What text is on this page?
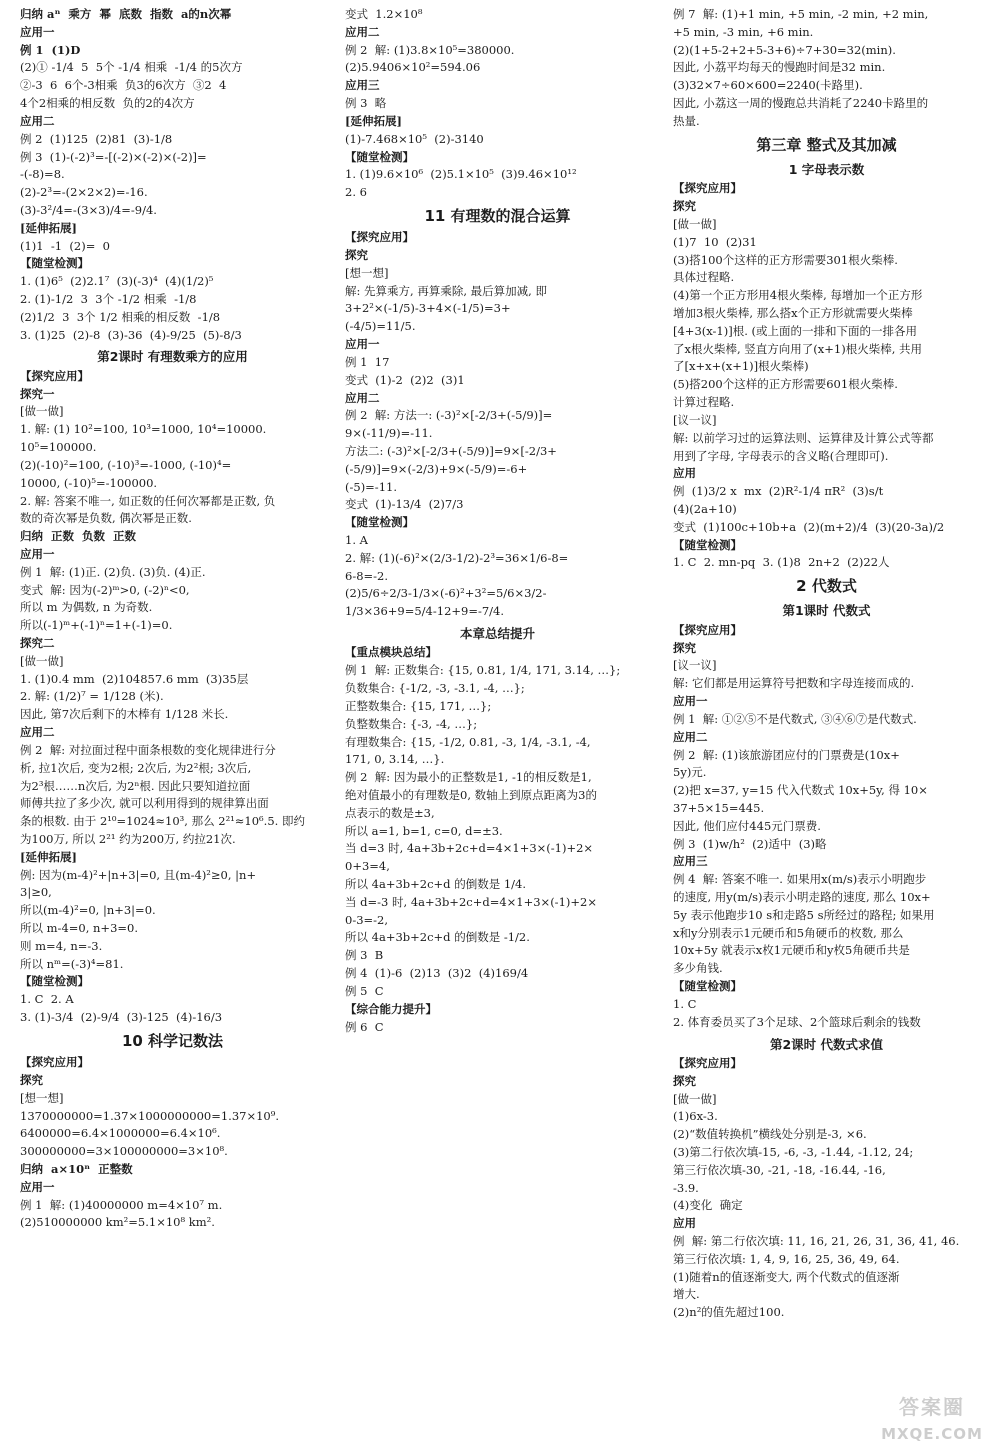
归纳 aⁿ  乘方  幂  底数  指数  a的n次幂
应用一
例 1  (1)D
(2)① -1/4  5  5个 -1/4 相乘  -1/4 的5次方
②-3  6  6个-3相乘  负3的6次方  ③2  4
4个2相乘的相反数  负的2的4次方
应用二
例 2  (1)125  (2)81  (3)-1/8
例 3  (1)-(-2)³=-[(-2)×(-2)×(-2)]=
-(-8)=8.
(2)-2³=-(2×2×2)=-16.
(3)-3²/4=-(3×3)/4=-9/4.
[延伸拓展]
(1)1  -1  (2)=  0
【随堂检测】
1. (1)6⁵  (2)2.1⁷  (3)(-3)⁴  (4)(1/2)⁵
2. (1)-1/2  3  3个 -1/2 相乘  -1/8
(2)1/2  3  3个 1/2 相乘的相反数  -1/8
3. (1)25  (2)-8  (3)-36  (4)-9/25  (5)-8/3
第2课时 有理数乘方的应用
【探究应用】
探究一
[做一做]
1. 解: (1) 10²=100, 10³=1000, 10⁴=10000.
10⁵=100000.
(2)(-10)²=100, (-10)³=-1000, (-10)⁴=
10000, (-10)⁵=-100000.
2. 解: 答案不唯一, 如正数的任何次幂都是正数, 负
数的奇次幂是负数, 偶次幂是正数.
归纳  正数  负数  正数
应用一
例 1  解: (1)正. (2)负. (3)负. (4)正.
变式  解: 因为(-2)ᵐ>0, (-2)ⁿ<0,
所以 m 为偶数, n 为奇数.
所以(-1)ᵐ+(-1)ⁿ=1+(-1)=0.
探究二
[做一做]
1. (1)0.4 mm  (2)104857.6 mm  (3)35层
2. 解: (1/2)⁷ = 1/128 (米).
因此, 第7次后剩下的木棒有 1/128 米长.
应用二
例 2  解: 对拉面过程中面条根数的变化规律进行分
析, 拉1次后, 变为2根; 2次后, 为2²根; 3次后,
为2³根……n次后, 为2ⁿ根. 因此只要知道拉面
师傅共拉了多少次, 就可以利用得到的规律算出面
条的根数. 由于 2¹⁰=1024≈10³, 那么 2²¹≈10⁶.5. 即约
为100万, 所以 2²¹ 约为200万, 约拉21次.
[延伸拓展]
例: 因为(m-4)²+|n+3|=0, 且(m-4)²≥0, |n+
3|≥0,
所以(m-4)²=0, |n+3|=0.
所以 m-4=0, n+3=0.
则 m=4, n=-3.
所以 nᵐ=(-3)⁴=81.
【随堂检测】
1. C  2. A
3. (1)-3/4  (2)-9/4  (3)-125  (4)-16/3
10 科学记数法
【探究应用】
探究
[想一想]
1370000000=1.37×1000000000=1.37×10⁹.
6400000=6.4×1000000=6.4×10⁶.
300000000=3×100000000=3×10⁸.
归纳  a×10ⁿ  正整数
应用一
例 1  解: (1)40000000 m=4×10⁷ m.
(2)510000000 km²=5.1×10⁸ km².
变式  1.2×10⁸
应用二
例 2  解: (1)3.8×10⁵=380000.
(2)5.9406×10²=594.06
应用三
例 3  略
[延伸拓展]
(1)-7.468×10⁵  (2)-3140
【随堂检测】
1. (1)9.6×10⁶  (2)5.1×10⁵  (3)9.46×10¹²
2. 6
11 有理数的混合运算
【探究应用】
探究
[想一想]
解: 先算乘方, 再算乘除, 最后算加减, 即
3+2²×(-1/5)-3+4×(-1/5)=3+
(-4/5)=11/5.
应用一
例 1  17
变式  (1)-2  (2)2  (3)1
应用二
例 2  解: 方法一: (-3)²×[-2/3+(-5/9)]=
9×(-11/9)=-11.
方法二: (-3)²×[-2/3+(-5/9)]=9×[-2/3+
(-5/9)]=9×(-2/3)+9×(-5/9)=-6+
(-5)=-11.
变式  (1)-13/4  (2)7/3
【随堂检测】
1. A
2. 解: (1)(-6)²×(2/3-1/2)-2³=36×1/6-8=
6-8=-2.
(2)5/6÷2/3-1/3×(-6)²+3²=5/6×3/2-
1/3×36+9=5/4-12+9=-7/4.
本章总结提升
【重点模块总结】
例 1  解: 正数集合: {15, 0.81, 1/4, 171, 3.14, …};
负数集合: {-1/2, -3, -3.1, -4, …};
正整数集合: {15, 171, …};
负整数集合: {-3, -4, …};
有理数集合: {15, -1/2, 0.81, -3, 1/4, -3.1, -4,
171, 0, 3.14, …}.
例 2  解: 因为最小的正整数是1, -1的相反数是1,
绝对值最小的有理数是0, 数轴上到原点距离为3的
点表示的数是±3,
所以 a=1, b=1, c=0, d=±3.
当 d=3 时, 4a+3b+2c+d=4×1+3×(-1)+2×
0+3=4,
所以 4a+3b+2c+d 的倒数是 1/4.
当 d=-3 时, 4a+3b+2c+d=4×1+3×(-1)+2×
0-3=-2,
所以 4a+3b+2c+d 的倒数是 -1/2.
例 3  B
例 4  (1)-6  (2)13  (3)2  (4)169/4
例 5  C
【综合能力提升】
例 6  C
例 7  解: (1)+1 min, +5 min, -2 min, +2 min,
+5 min, -3 min, +6 min.
(2)(1+5-2+2+5-3+6)÷7+30=32(min).
因此, 小荔平均每天的慢跑时间是32 min.
(3)32×7÷60×600=2240(卡路里).
因此, 小荔这一周的慢跑总共消耗了2240卡路里的
热量.
第三章 整式及其加减
1 字母表示数
【探究应用】
探究
[做一做]
(1)7  10  (2)31
(3)搭100个这样的正方形需要301根火柴棒.
具体过程略.
(4)第一个正方形用4根火柴棒, 每增加一个正方形
增加3根火柴棒, 那么搭x个正方形就需要火柴棒
[4+3(x-1)]根. (或上面的一排和下面的一排各用
了x根火柴棒, 竖直方向用了(x+1)根火柴棒, 共用
了[x+x+(x+1)]根火柴棒)
(5)搭200个这样的正方形需要601根火柴棒.
计算过程略.
[议一议]
解: 以前学习过的运算法则、运算律及计算公式等都
用到了字母, 字母表示的含义略(合理即可).
应用
例  (1)3/2 x  mx  (2)R²-1/4 πR²  (3)s/t
(4)(2a+10)
变式  (1)100c+10b+a  (2)(m+2)/4  (3)(20-3a)/2
【随堂检测】
1. C  2. mn-pq  3. (1)8  2n+2  (2)22人
2 代数式
第1课时 代数式
【探究应用】
探究
[议一议]
解: 它们都是用运算符号把数和字母连接而成的.
应用一
例 1  解: ①②⑤不是代数式, ③④⑥⑦是代数式.
应用二
例 2  解: (1)该旅游团应付的门票费是(10x+
5y)元.
(2)把 x=37, y=15 代入代数式 10x+5y, 得 10×
37+5×15=445.
因此, 他们应付445元门票费.
例 3  (1)w/h²  (2)适中  (3)略
应用三
例 4  解: 答案不唯一. 如果用x(m/s)表示小明跑步
的速度, 用y(m/s)表示小明走路的速度, 那么 10x+
5y 表示他跑步10 s和走路5 s所经过的路程; 如果用
x和y分别表示1元硬币和5角硬币的枚数, 那么
10x+5y 就表示x枚1元硬币和y枚5角硬币共是
多少角钱.
【随堂检测】
1. C
2. 体育委员买了3个足球、2个篮球后剩余的钱数
第2课时 代数式求值
【探究应用】
探究
[做一做]
(1)6x-3.
(2)“数值转换机”横线处分别是-3, ×6.
(3)第二行依次填-15, -6, -3, -1.44, -1.12, 24;
第三行依次填-30, -21, -18, -16.44, -16,
-3.9.
(4)变化  确定
应用
例  解: 第二行依次填: 11, 16, 21, 26, 31, 36, 41, 46.
第三行依次填: 1, 4, 9, 16, 25, 36, 49, 64.
(1)随着n的值逐渐变大, 两个代数式的值逐渐
增大.
(2)n²的值先超过100.
答案圈
MXQE.COM
